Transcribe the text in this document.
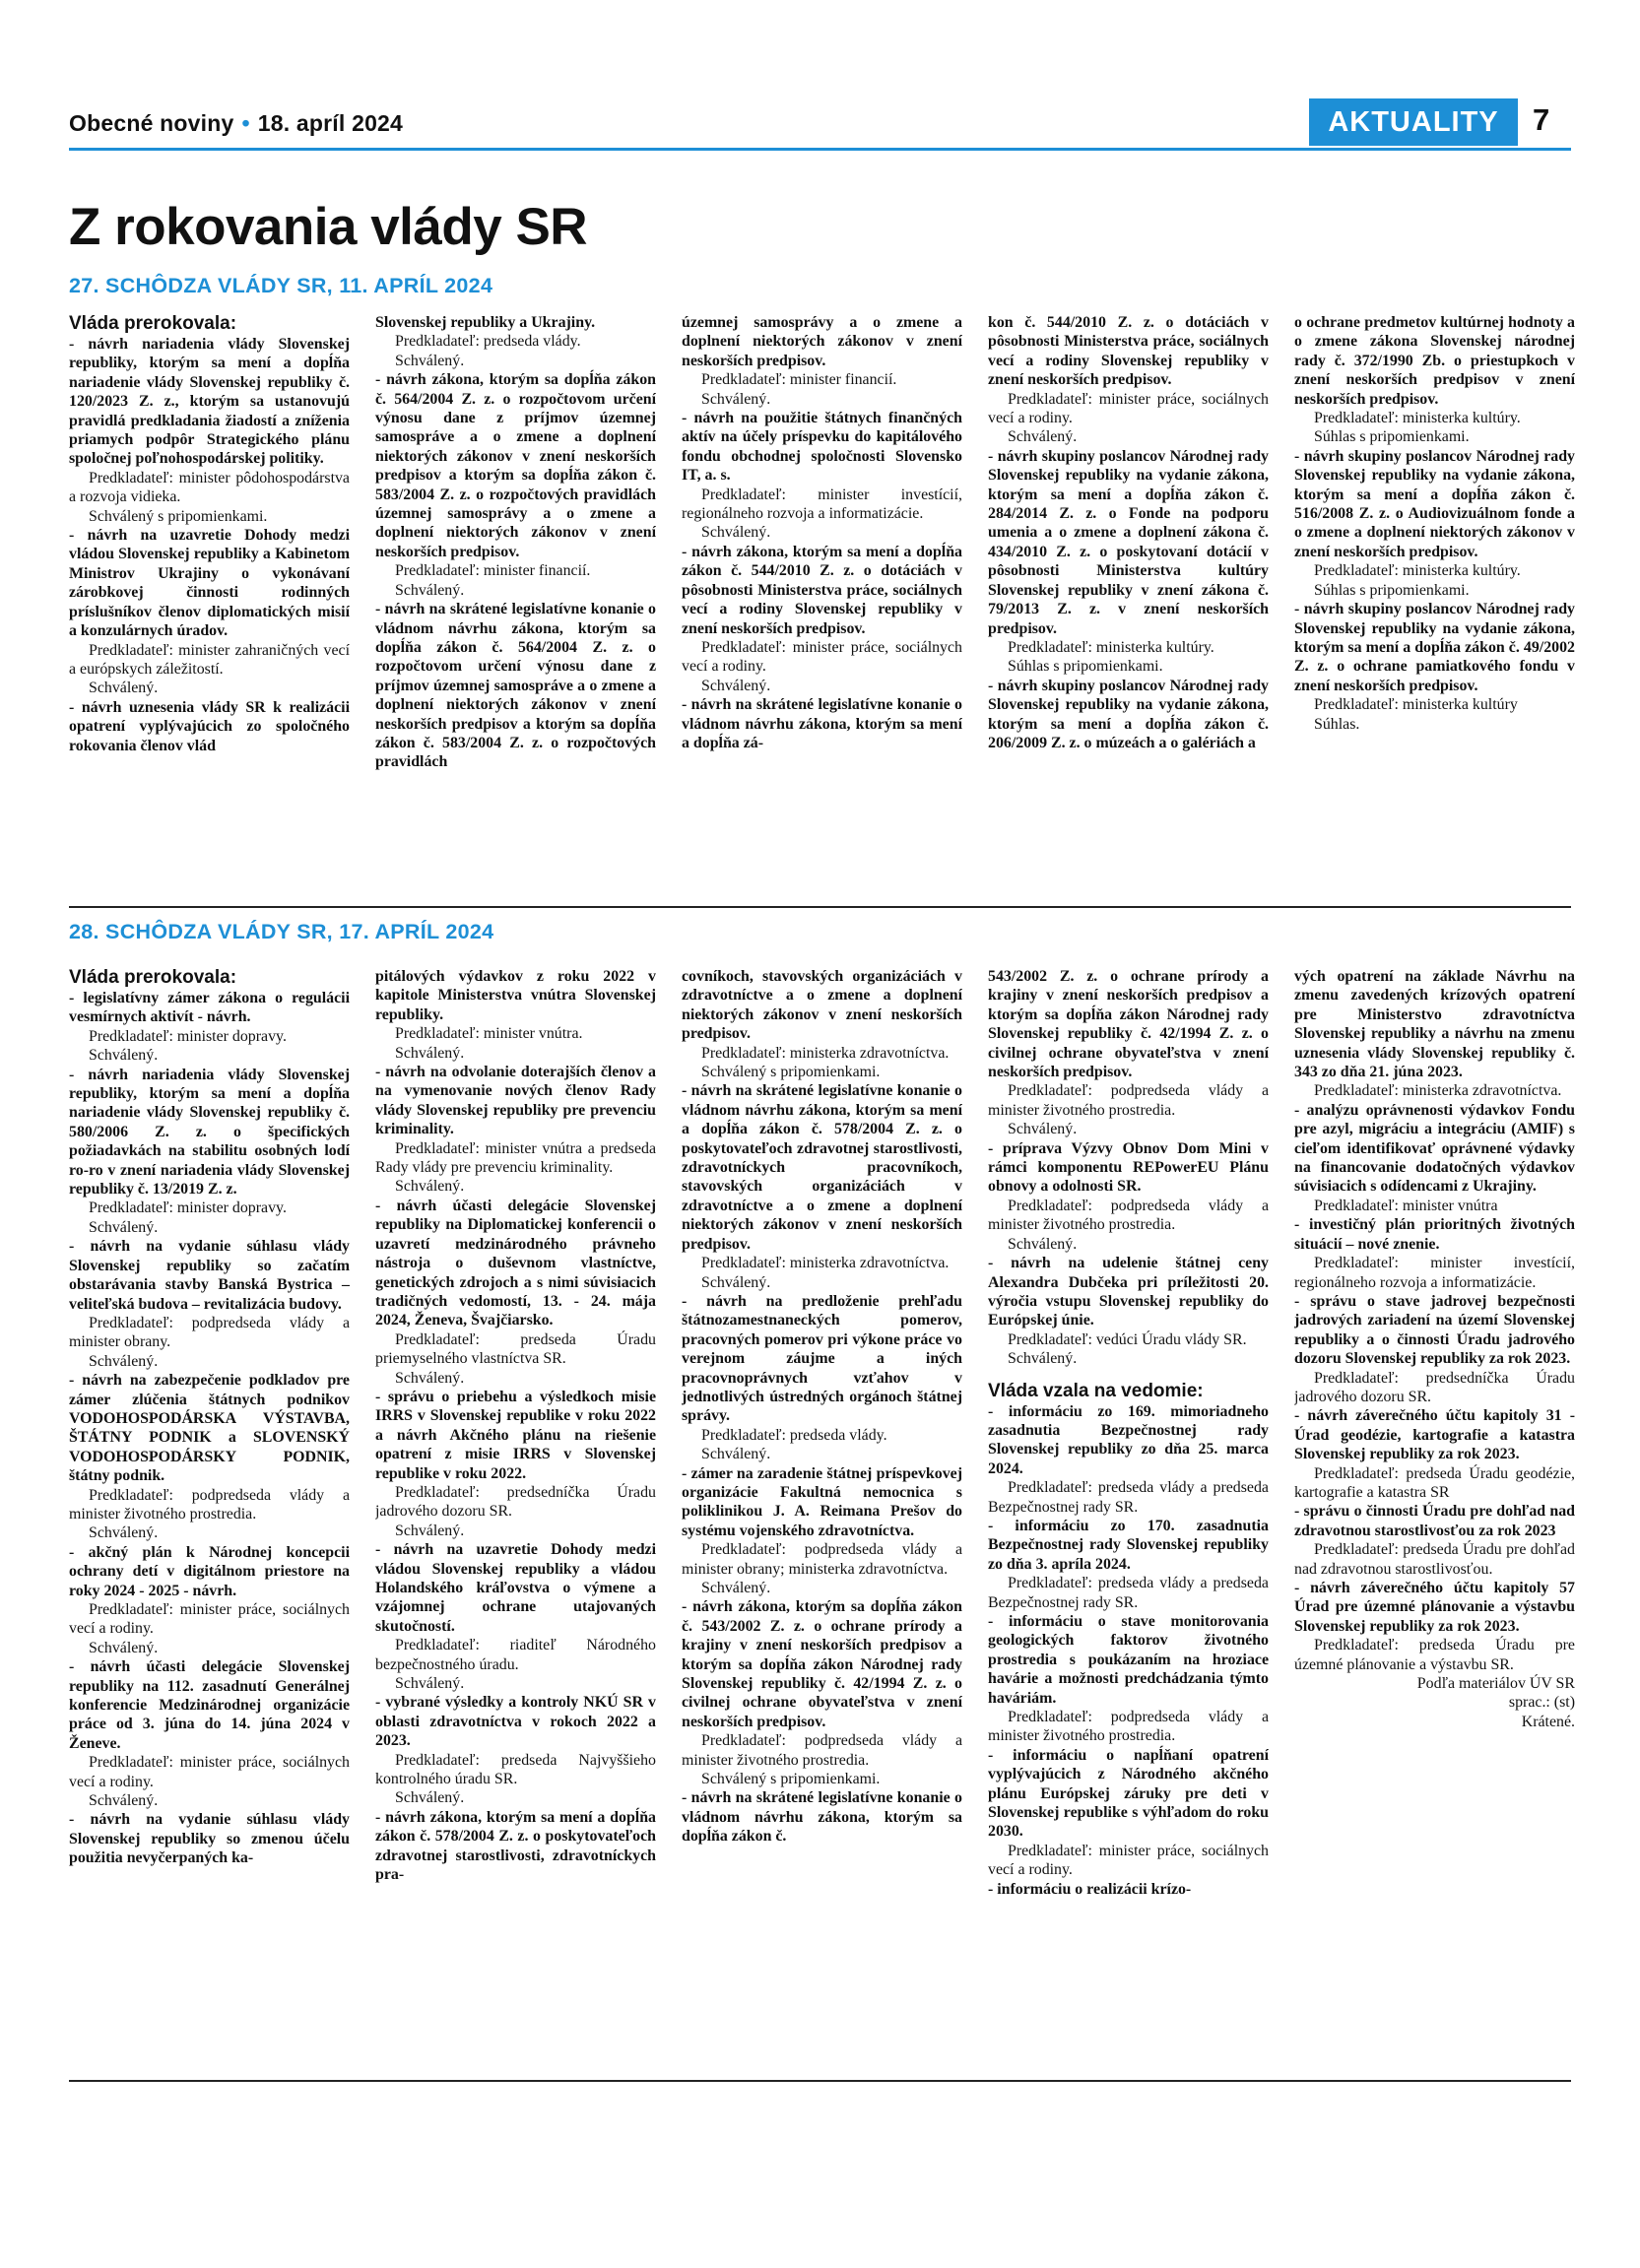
Obecné noviny • 18. apríl 2024	AKTUALITY	7
Z rokovania vlády SR
27. SCHÔDZA VLÁDY SR, 11. APRÍL 2024

Vláda prerokovala:

- návrh nariadenia vlády Slovenskej republiky, ktorým sa mení a dopĺňa nariadenie vlády Slovenskej republiky č. 120/2023 Z. z., ktorým sa ustanovujú pravidlá predkladania žiadostí a zníženia priamych podpôr Strategického plánu spoločnej poľnohospodárskej politiky.

Predkladateľ: minister pôdohospodárstva a rozvoja vidieka.

Schválený s pripomienkami.

- návrh na uzavretie Dohody medzi vládou Slovenskej republiky a Kabinetom Ministrov Ukrajiny o vykonávaní zárobkovej činnosti rodinných príslušníkov členov diplomatických misií a konzulárnych úradov.

Predkladateľ: minister zahraničných vecí a európskych záležitostí.

Schválený.

- návrh uznesenia vlády SR k realizácii opatrení vyplývajúcich zo spoločného rokovania členov vlád

Slovenskej republiky a Ukrajiny.

Predkladateľ: predseda vlády.

Schválený.

- návrh zákona, ktorým sa dopĺňa zákon č. 564/2004 Z. z. o rozpočtovom určení výnosu dane z príjmov územnej samospráve a o zmene a doplnení niektorých zákonov v znení neskorších predpisov a ktorým sa dopĺňa zákon č. 583/2004 Z. z. o rozpočtových pravidlách územnej samosprávy a o zmene a doplnení niektorých zákonov v znení neskorších predpisov.

Predkladateľ: minister financií.

Schválený.

- návrh na skrátené legislatívne konanie o vládnom návrhu zákona, ktorým sa dopĺňa zákon č. 564/2004 Z. z. o rozpočtovom určení výnosu dane z príjmov územnej samospráve a o zmene a doplnení niektorých zákonov v znení neskorších predpisov a ktorým sa dopĺňa zákon č. 583/2004 Z. z. o rozpočtových pravidlách

územnej samosprávy a o zmene a doplnení niektorých zákonov v znení neskorších predpisov.

Predkladateľ: minister financií.

Schválený.

- návrh na použitie štátnych finančných aktív na účely príspevku do kapitálového fondu obchodnej spoločnosti Slovensko IT, a. s.

Predkladateľ: minister investícií, regionálneho rozvoja a informatizácie.

Schválený.

- návrh zákona, ktorým sa mení a dopĺňa zákon č. 544/2010 Z. z. o dotáciách v pôsobnosti Ministerstva práce, sociálnych vecí a rodiny Slovenskej republiky v znení neskorších predpisov.

Predkladateľ: minister práce, sociálnych vecí a rodiny.

Schválený.

- návrh na skrátené legislatívne konanie o vládnom návrhu zákona, ktorým sa mení a dopĺňa zá-

kon č. 544/2010 Z. z. o dotáciách v pôsobnosti Ministerstva práce, sociálnych vecí a rodiny Slovenskej republiky v znení neskorších predpisov.

Predkladateľ: minister práce, sociálnych vecí a rodiny.

Schválený.

- návrh skupiny poslancov Národnej rady Slovenskej republiky na vydanie zákona, ktorým sa mení a dopĺňa zákon č. 284/2014 Z. z. o Fonde na podporu umenia a o zmene a doplnení zákona č. 434/2010 Z. z. o poskytovaní dotácií v pôsobnosti Ministerstva kultúry Slovenskej republiky v znení zákona č. 79/2013 Z. z. v znení neskorších predpisov.

Predkladateľ: ministerka kultúry.

Súhlas s pripomienkami.

- návrh skupiny poslancov Národnej rady Slovenskej republiky na vydanie zákona, ktorým sa mení a dopĺňa zákon č. 206/2009 Z. z. o múzeách a o galériách a

o ochrane predmetov kultúrnej hodnoty a o zmene zákona Slovenskej národnej rady č. 372/1990 Zb. o priestupkoch v znení neskorších predpisov v znení neskorších predpisov.

Predkladateľ: ministerka kultúry.

Súhlas s pripomienkami.

- návrh skupiny poslancov Národnej rady Slovenskej republiky na vydanie zákona, ktorým sa mení a dopĺňa zákon č. 516/2008 Z. z. o Audiovizuálnom fonde a o zmene a doplnení niektorých zákonov v znení neskorších predpisov.

Predkladateľ: ministerka kultúry.

Súhlas s pripomienkami.

- návrh skupiny poslancov Národnej rady Slovenskej republiky na vydanie zákona, ktorým sa mení a dopĺňa zákon č. 49/2002 Z. z. o ochrane pamiatkového fondu v znení neskorších predpisov.

Predkladateľ: ministerka kultúry

Súhlas.

28. SCHÔDZA VLÁDY SR, 17. APRÍL 2024

Vláda prerokovala:

- legislatívny zámer zákona o regulácii vesmírnych aktivít - návrh.

Predkladateľ: minister dopravy.

Schválený.

- návrh nariadenia vlády Slovenskej republiky, ktorým sa mení a dopĺňa nariadenie vlády Slovenskej republiky č. 580/2006 Z. z. o špecifických požiadavkách na stabilitu osobných lodí ro-ro v znení nariadenia vlády Slovenskej republiky č. 13/2019 Z. z.

Predkladateľ: minister dopravy.

Schválený.

- návrh na vydanie súhlasu vlády Slovenskej republiky so začatím obstarávania stavby Banská Bystrica – veliteľská budova – revitalizácia budovy.

Predkladateľ: podpredseda vlády a minister obrany.

Schválený.

- návrh na zabezpečenie podkladov pre zámer zlúčenia štátnych podnikov VODOHOSPODÁRSKA VÝSTAVBA, ŠTÁTNY PODNIK a SLOVENSKÝ VODOHOSPODÁRSKY PODNIK, štátny podnik.

Predkladateľ: podpredseda vlády a minister životného prostredia.

Schválený.

- akčný plán k Národnej koncepcii ochrany detí v digitálnom priestore na roky 2024 - 2025 - návrh.

Predkladateľ: minister práce, sociálnych vecí a rodiny.

Schválený.

- návrh účasti delegácie Slovenskej republiky na 112. zasadnutí Generálnej konferencie Medzinárodnej organizácie práce od 3. júna do 14. júna 2024 v Ženeve.

Predkladateľ: minister práce, sociálnych vecí a rodiny.

Schválený.

- návrh na vydanie súhlasu vlády Slovenskej republiky so zmenou účelu použitia nevyčerpaných ka-

pitálových výdavkov z roku 2022 v kapitole Ministerstva vnútra Slovenskej republiky.

Predkladateľ: minister vnútra.

Schválený.

- návrh na odvolanie doterajších členov a na vymenovanie nových členov Rady vlády Slovenskej republiky pre prevenciu kriminality.

Predkladateľ: minister vnútra a predseda Rady vlády pre prevenciu kriminality.

Schválený.

- návrh účasti delegácie Slovenskej republiky na Diplomatickej konferencii o uzavretí medzinárodného právneho nástroja o duševnom vlastníctve, genetických zdrojoch a s nimi súvisiacich tradičných vedomostí, 13. - 24. mája 2024, Ženeva, Švajčiarsko.

Predkladateľ: predseda Úradu priemyselného vlastníctva SR.

Schválený.

- správu o priebehu a výsledkoch misie IRRS v Slovenskej republike v roku 2022 a návrh Akčného plánu na riešenie opatrení z misie IRRS v Slovenskej republike v roku 2022.

Predkladateľ: predsedníčka Úradu jadrového dozoru SR.

Schválený.

- návrh na uzavretie Dohody medzi vládou Slovenskej republiky a vládou Holandského kráľovstva o výmene a vzájomnej ochrane utajovaných skutočností.

Predkladateľ: riaditeľ Národného bezpečnostného úradu.

Schválený.

- vybrané výsledky a kontroly NKÚ SR v oblasti zdravotníctva v rokoch 2022 a 2023.

Predkladateľ: predseda Najvyššieho kontrolného úradu SR.

Schválený.

- návrh zákona, ktorým sa mení a dopĺňa zákon č. 578/2004 Z. z. o poskytovateľoch zdravotnej starostlivosti, zdravotníckych pra-

covníkoch, stavovských organizáciách v zdravotníctve a o zmene a doplnení niektorých zákonov v znení neskorších predpisov.

Predkladateľ: ministerka zdravotníctva.

Schválený s pripomienkami.

- návrh na skrátené legislatívne konanie o vládnom návrhu zákona, ktorým sa mení a dopĺňa zákon č. 578/2004 Z. z. o poskytovateľoch zdravotnej starostlivosti, zdravotníckych pracovníkoch, stavovských organizáciách v zdravotníctve a o zmene a doplnení niektorých zákonov v znení neskorších predpisov.

Predkladateľ: ministerka zdravotníctva.

Schválený.

- návrh na predloženie prehľadu štátnozamestnaneckých pomerov, pracovných pomerov pri výkone práce vo verejnom záujme a iných pracovnoprávnych vzťahov v jednotlivých ústredných orgánoch štátnej správy.

Predkladateľ: predseda vlády.

Schválený.

- zámer na zaradenie štátnej príspevkovej organizácie Fakultná nemocnica s poliklinikou J. A. Reimana Prešov do systému vojenského zdravotníctva.

Predkladateľ: podpredseda vlády a minister obrany; ministerka zdravotníctva.

Schválený.

- návrh zákona, ktorým sa dopĺňa zákon č. 543/2002 Z. z. o ochrane prírody a krajiny v znení neskorších predpisov a ktorým sa dopĺňa zákon Národnej rady Slovenskej republiky č. 42/1994 Z. z. o civilnej ochrane obyvateľstva v znení neskorších predpisov.

Predkladateľ: podpredseda vlády a minister životného prostredia.

Schválený s pripomienkami.

- návrh na skrátené legislatívne konanie o vládnom návrhu zákona, ktorým sa dopĺňa zákon č.

543/2002 Z. z. o ochrane prírody a krajiny v znení neskorších predpisov a ktorým sa dopĺňa zákon Národnej rady Slovenskej republiky č. 42/1994 Z. z. o civilnej ochrane obyvateľstva v znení neskorších predpisov.

Predkladateľ: podpredseda vlády a minister životného prostredia.

Schválený.

- príprava Výzvy Obnov Dom Mini v rámci komponentu REPowerEU Plánu obnovy a odolnosti SR.

Predkladateľ: podpredseda vlády a minister životného prostredia.

Schválený.

- návrh na udelenie štátnej ceny Alexandra Dubčeka pri príležitosti 20. výročia vstupu Slovenskej republiky do Európskej únie.

Predkladateľ: vedúci Úradu vlády SR.

Schválený.

Vláda vzala na vedomie:

- informáciu zo 169. mimoriadneho zasadnutia Bezpečnostnej rady Slovenskej republiky zo dňa 25. marca 2024.

Predkladateľ: predseda vlády a predseda Bezpečnostnej rady SR.

- informáciu zo 170. zasadnutia Bezpečnostnej rady Slovenskej republiky zo dňa 3. apríla 2024.

Predkladateľ: predseda vlády a predseda Bezpečnostnej rady SR.

- informáciu o stave monitorovania geologických faktorov životného prostredia s poukázaním na hroziace havárie a možnosti predchádzania týmto haváriám.

Predkladateľ: podpredseda vlády a minister životného prostredia.

- informáciu o napĺňaní opatrení vyplývajúcich z Národného akčného plánu Európskej záruky pre deti v Slovenskej republike s výhľadom do roku 2030.

Predkladateľ: minister práce, sociálnych vecí a rodiny.

- informáciu o realizácii krízo-

vých opatrení na základe Návrhu na zmenu zavedených krízových opatrení pre Ministerstvo zdravotníctva Slovenskej republiky a návrhu na zmenu uznesenia vlády Slovenskej republiky č. 343 zo dňa 21. júna 2023.

Predkladateľ: ministerka zdravotníctva.

- analýzu oprávnenosti výdavkov Fondu pre azyl, migráciu a integráciu (AMIF) s cieľom identifikovať oprávnené výdavky na financovanie dodatočných výdavkov súvisiacich s odídencami z Ukrajiny.

Predkladateľ: minister vnútra

- investičný plán prioritných životných situácií – nové znenie.

Predkladateľ: minister investícií, regionálneho rozvoja a informatizácie.

- správu o stave jadrovej bezpečnosti jadrových zariadení na území Slovenskej republiky a o činnosti Úradu jadrového dozoru Slovenskej republiky za rok 2023.

Predkladateľ: predsedníčka Úradu jadrového dozoru SR.

- návrh záverečného účtu kapitoly 31 - Úrad geodézie, kartografie a katastra Slovenskej republiky za rok 2023.

Predkladateľ: predseda Úradu geodézie, kartografie a katastra SR

- správu o činnosti Úradu pre dohľad nad zdravotnou starostlivosťou za rok 2023

Predkladateľ: predseda Úradu pre dohľad nad zdravotnou starostlivosťou.

- návrh záverečného účtu kapitoly 57 Úrad pre územné plánovanie a výstavbu Slovenskej republiky za rok 2023.

Predkladateľ: predseda Úradu pre územné plánovanie a výstavbu SR.

Podľa materiálov ÚV SR

sprac.: (st)

Krátené.
